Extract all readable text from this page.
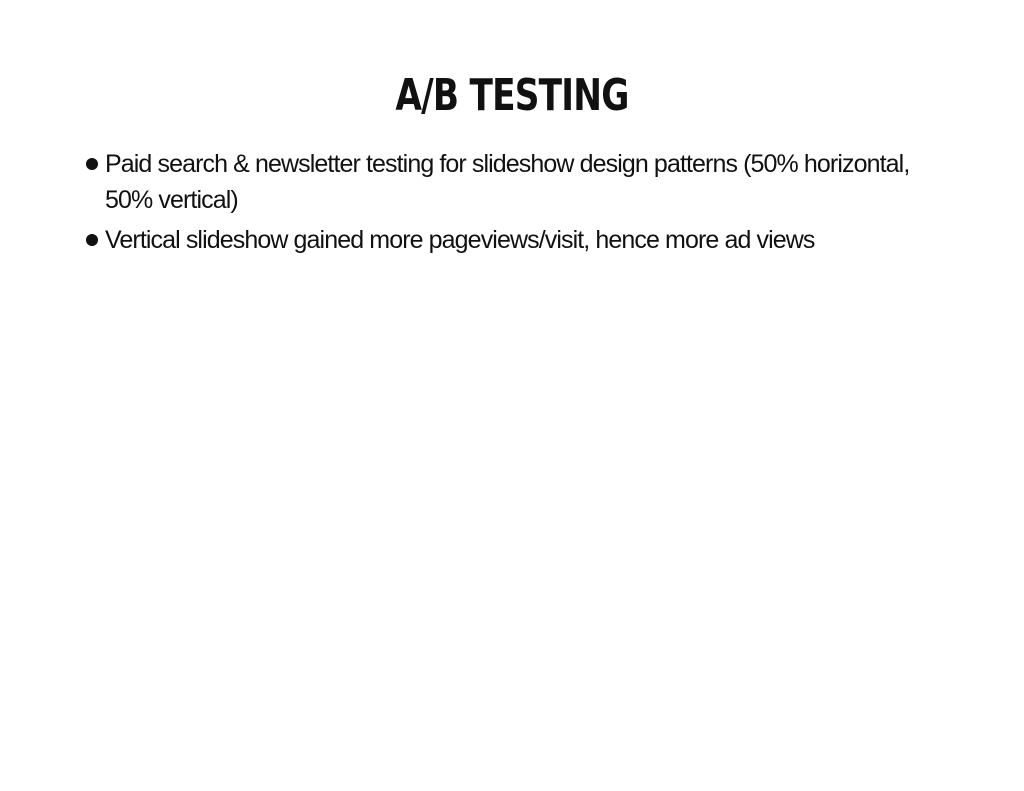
A/B TESTING
Paid search & newsletter testing for slideshow design patterns (50% horizontal, 50% vertical)
Vertical slideshow gained more pageviews/visit, hence more ad views
